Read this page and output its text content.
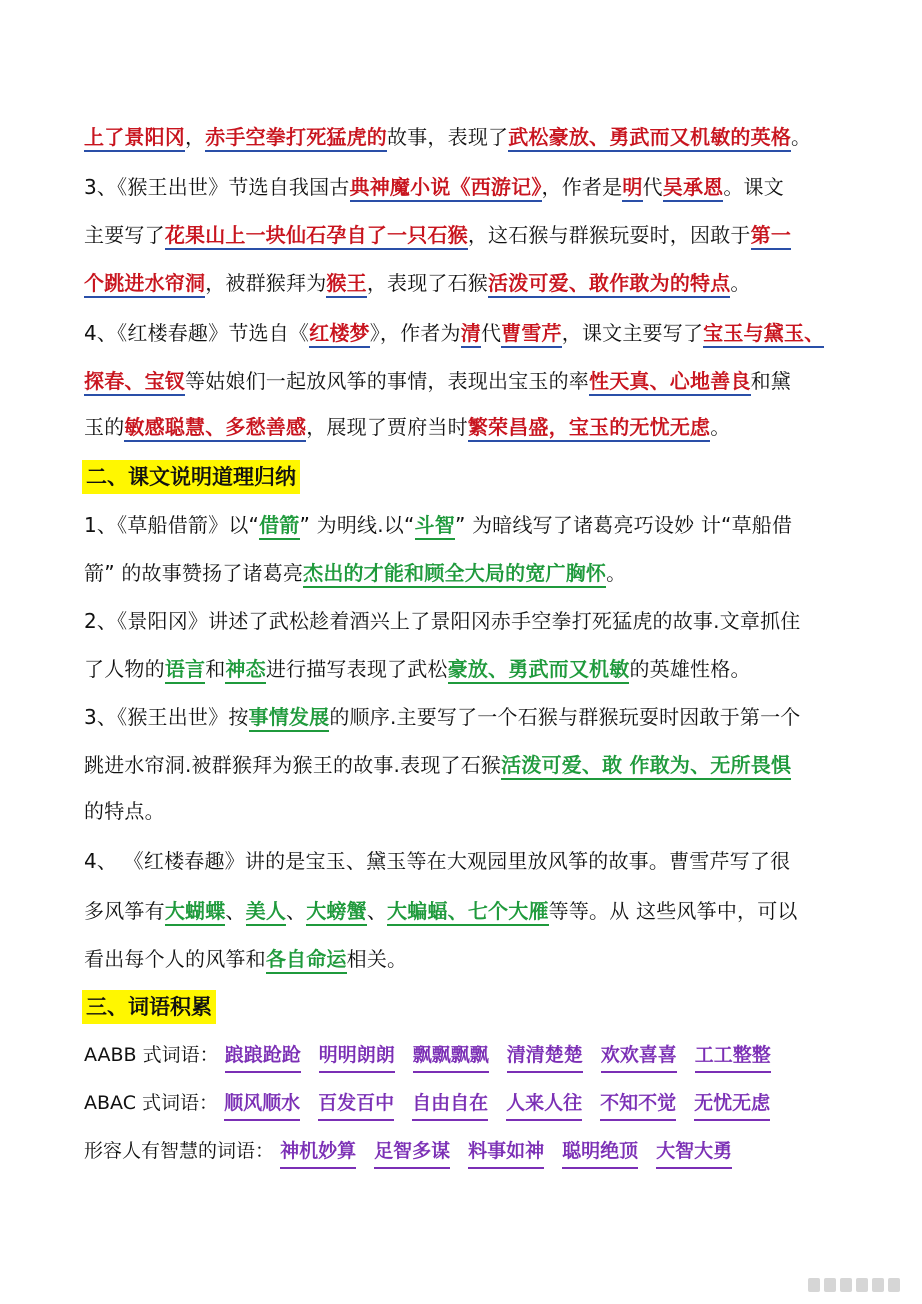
上了景阳冈，赤手空拳打死猛虎的故事，表现了武松豪放、勇武而又机敏的英格。
3、《猴王出世》节选自我国古典神魔小说《西游记》，作者是明代吴承恩。课文
主要写了花果山上一块仙石孕自了一只石猴，这石猴与群猴玩耍时，因敢于第一
个跳进水帘洞，被群猴拜为猴王，表现了石猴活泼可爱、敢作敢为的特点。
4、《红楼春趣》节选自《红楼梦》，作者为清代曹雪芹，课文主要写了宝玉与黛玉、
探春、宝钗等姑娘们一起放风筝的事情，表现出宝玉的率性天真、心地善良和黛
玉的敏感聪慧、多愁善感，展现了贾府当时繁荣昌盛，宝玉的无忧无虑。
二、课文说明道理归纳
1、《草船借箭》以“借箭” 为明线.以“斗智” 为暗线写了诸葛亮巧设妙 计“草船借
箭” 的故事赞扬了诸葛亮杰出的才能和顾全大局的宽广胸怀。
2、《景阳冈》讲述了武松趁着酒兴上了景阳冈赤手空拳打死猛虎的故事.文章抓住
了人物的语言和神态进行描写表现了武松豪放、勇武而又机敏的英雄性格。
3、《猴王出世》按事情发展的顺序.主要写了一个石猴与群猴玩耍时因敢于第一个
跳进水帘洞.被群猴拜为猴王的故事.表现了石猴活泼可爱、敢 作敢为、无所畏惧
的特点。
4、 《红楼春趣》讲的是宝玉、黛玉等在大观园里放风筝的故事。曹雪芹写了很
多风筝有大蝴蝶、美人、大螃蟹、大蝙蝠、七个大雁等等。从 这些风筝中，可以
看出每个人的风筝和各自命运相关。
三、词语积累
AABB 式词语： 踉踉跄跄 明明朗朗 飘飘飘飘 清清楚楚 欢欢喜喜 工工整整
ABAC 式词语： 顺风顺水 百发百中 自由自在 人来人往 不知不觉 无忧无虑
形容人有智慧的词语： 神机妙算 足智多谋 料事如神 聪明绝顶 大智大勇
